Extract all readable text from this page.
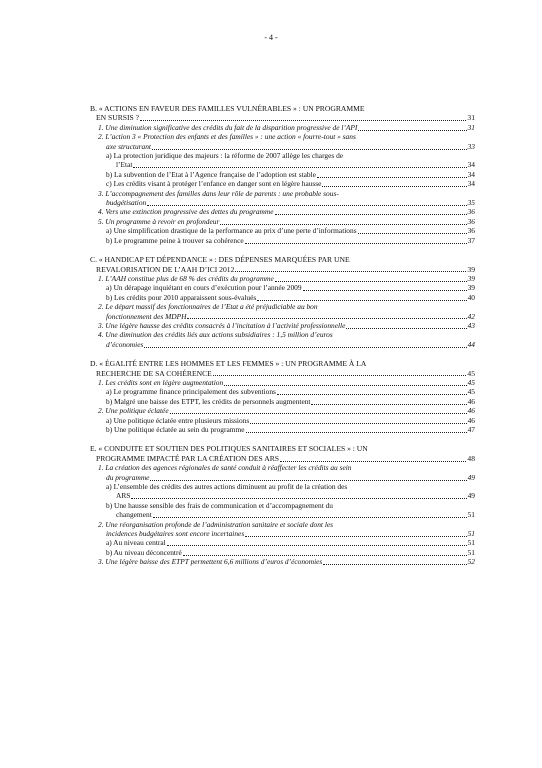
- 4 -
B. « ACTIONS EN FAVEUR DES FAMILLES VULNÉRABLES » : UN PROGRAMME
EN SURSIS ?	31
1. Une diminution significative des crédits du fait de la disparition progressive de l’API	31
2. L’action 3 « Protection des enfants et des familles » : une action « fourre-tout » sans
axe structurant	33
a) La protection juridique des majeurs : la réforme de 2007 allège les charges de
l’Etat	34
b) La subvention de l’Etat à l’Agence française de l’adoption est stable	34
c) Les crédits visant à protéger l’enfance en danger sont en légère hausse	34
3. L’accompagnement des familles dans leur rôle de parents : une probable sous-
budgétisation	35
4. Vers une extinction progressive des dettes du programme	36
5. Un programme à revoir en profondeur	36
a) Une simplification drastique de la performance au prix d’une perte d’informations	36
b) Le programme peine à trouver sa cohérence	37
C. « HANDICAP ET DÉPENDANCE » : DES DÉPENSES MARQUÉES PAR UNE
REVALORISATION DE L’AAH D’ICI 2012	39
1. L’AAH constitue plus de 68 % des crédits du programme	39
a) Un dérapage inquiétant en cours d’exécution pour l’année 2009	39
b) Les crédits pour 2010 apparaissent sous-évalués	40
2. Le départ massif des fonctionnaires de l’Etat a été préjudiciable au bon
fonctionnement des MDPH	42
3. Une légère hausse des crédits consacrés à l’incitation à l’activité professionnelle	43
4. Une diminution des crédits liés aux actions subsidiaires : 1,5 million d’euros
d’économies	44
D. « ÉGALITÉ ENTRE LES HOMMES ET LES FEMMES » : UN PROGRAMME À LA
RECHERCHE DE SA COHÉRENCE	45
1. Les crédits sont en légère augmentation	45
a) Le programme finance principalement des subventions	45
b) Malgré une baisse des ETPT, les crédits de personnels augmentent	46
2. Une politique éclatée	46
a) Une politique éclatée entre plusieurs missions	46
b) Une politique éclatée au sein du programme	47
E. « CONDUITE ET SOUTIEN DES POLITIQUES SANITAIRES ET SOCIALES » : UN
PROGRAMME IMPACTÉ PAR LA CRÉATION DES ARS	48
1. La création des agences régionales de santé conduit à réaffecter les crédits au sein
du programme	49
a) L’ensemble des crédits des autres actions diminuent au profit de la création des
ARS	49
b) Une hausse sensible des frais de communication et d’accompagnement du
changement	51
2. Une réorganisation profonde de l’administration sanitaire et sociale dont les
incidences budgétaires sont encore incertaines	51
a) Au niveau central	51
b) Au niveau déconcentré	51
3. Une légère baisse des ETPT permettent 6,6 millions d’euros d’économies	52
